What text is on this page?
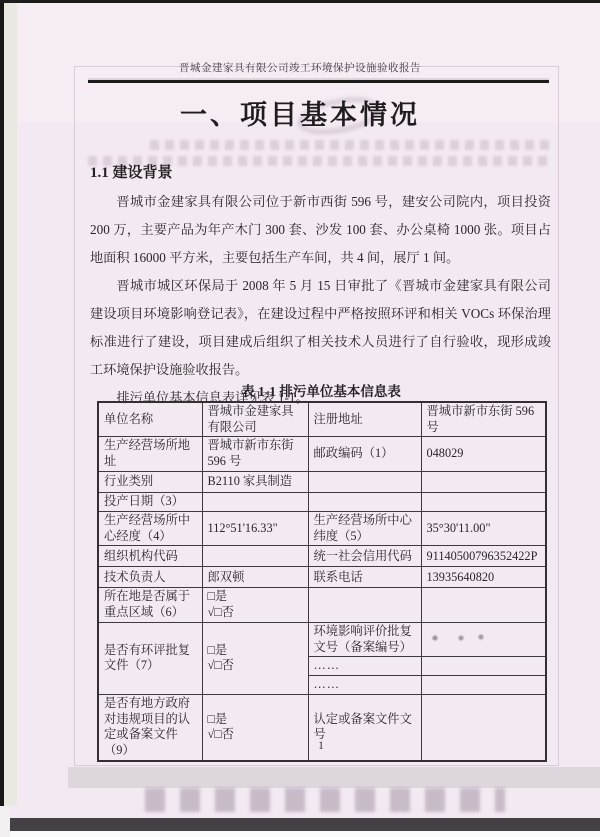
晋城金建家具有限公司竣工环境保护设施验收报告
一、项目基本情况
1.1 建设背景

晋城市金建家具有限公司位于新市西街 596 号，建安公司院内，项目投资 200 万，主要产品为年产木门 300 套、沙发 100 套、办公桌椅 1000 张。项目占地面积 16000 平方米，主要包括生产车间，共 4 间，展厅 1 间。

晋城市城区环保局于 2008 年 5 月 15 日审批了《晋城市金建家具有限公司建设项目环境影响登记表》，在建设过程中严格按照环评和相关 VOCs 环保治理标准进行了建设，项目建成后组织了相关技术人员进行了自行验收，现形成竣工环境保护设施验收报告。

排污单位基本信息表详见表 1-1。

表 1-1 排污单位基本信息表
单位名称	晋城市金建家具有限公司	注册地址	晋城市新市东街 596 号
生产经营场所地址	晋城市新市东街 596 号	邮政编码（1）	048029
行业类别	B2110 家具制造		
投产日期（3）			
生产经营场所中心经度（4）	112°51'16.33"	生产经营场所中心纬度（5）	35°30'11.00"
组织机构代码		统一社会信用代码	91140500796352422P
技术负责人	郎双顿	联系电话	13935640820
所在地是否属于重点区域（6）	□是
√□否		

是否有环评批复文件（7）	□是
√□否	环境影响评价批复文号（备案编号）	
		……	
		……	
是否有地方政府对违规项目的认定或备案文件（9）	□是
√□否	认定或备案文件文号	
1
